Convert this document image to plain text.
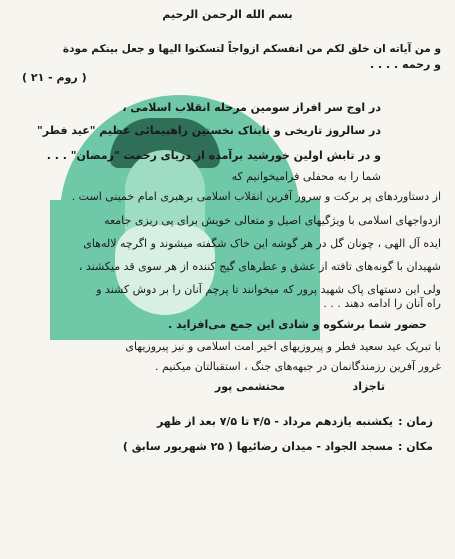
بسم الله الرحمن الرحیم
و من آیاته ان خلق لکم من انفسکم ازواجاً لتسکنوا الیها و جعل بینکم مودة
و رحمه . . . .
( روم - ۲۱ )
در اوج سر افراز سومین مرحله انقلاب اسلامی ،
در سالروز تاریخی و تابناک نخستین راهپیمائی عظیم "عید فطر"
و در تابش اولین خورشید برآمده از دریای رحمت "رمضان" . . .
شما را به محفلی فرامیخوانیم که
از دستاوردهای پر برکت و سرور آفرین انقلاب اسلامی برهبری امام خمینی است .
ازدواجهای اسلامی با ویژگیهای اصیل و متعالی خویش برای پی ریزی جامعه
ایده آل الهی ، چونان گل در هر گوشه این خاک شگفته میشوند و اگرچه لاله‌های
شهیدان با گونه‌های تافته از عشق و عطرهای گیج کننده از هر سوی قد میکشند ،
ولی این دستهای پاک شهید پرور که میخوانند تا پرچم آنان را بر دوش کشند و
راه آنان را ادامه دهند . . .
حضور شما برشکوه و شادی این جمع می‌افزاید .
با تبریک عید سعید فطر و پیروزیهای اخیر امت اسلامی و نیز پیروزیهای
غرور آفرین رزمندگانمان در جبهه‌های جنگ ، استقبالتان میکنیم .
محتشمی پور	تاجزاد
زمان :
یکشنبه یازدهم مرداد - ۴/۵ تا ۷/۵ بعد از ظهر
مکان :
مسجد الجواد - میدان رضائیها ( ۲۵ شهریور سابق )
